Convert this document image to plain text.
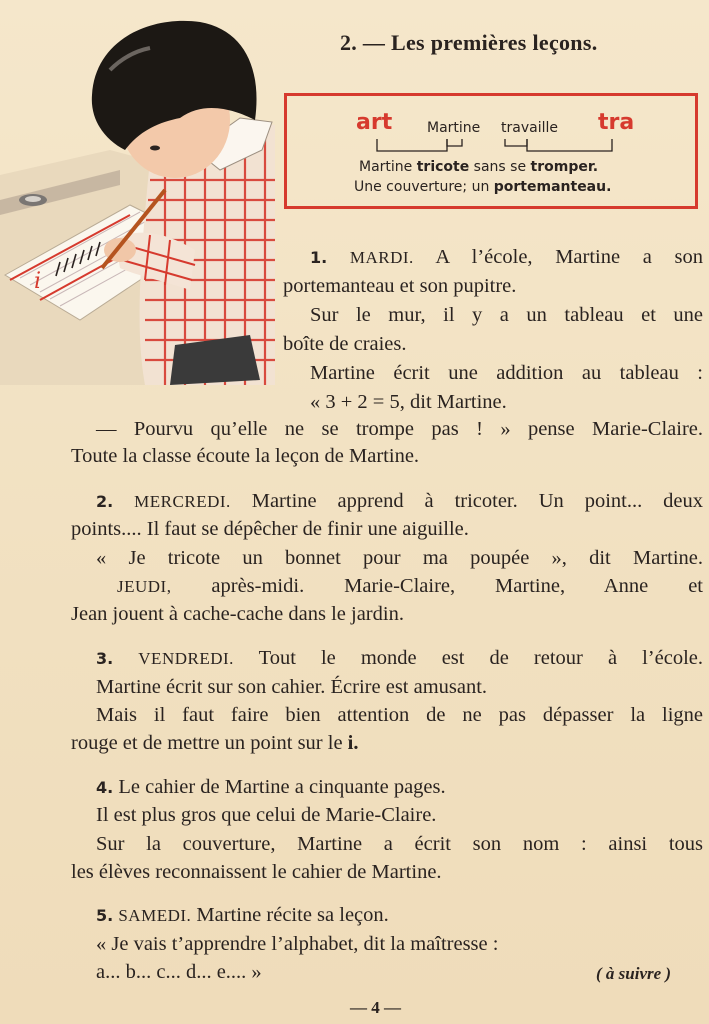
i
2. — Les premières leçons.
art Martine travaille tra
Martine tricote sans se tromper.
Une couverture; un portemanteau.
1. MARDI. A l’école, Martine a son
portemanteau et son pupitre.
Sur le mur, il y a un tableau et une
boîte de craies.
Martine écrit une addition au tableau :
« 3 + 2 = 5, dit Martine.
— Pourvu qu’elle ne se trompe pas ! » pense Marie-Claire.
Toute la classe écoute la leçon de Martine.
2. MERCREDI. Martine apprend à tricoter. Un point... deux
points.... Il faut se dépêcher de finir une aiguille.
« Je tricote un bonnet pour ma poupée », dit Martine.
JEUDI, après-midi. Marie-Claire, Martine, Anne et
Jean jouent à cache-cache dans le jardin.
3. VENDREDI. Tout le monde est de retour à l’école.
Martine écrit sur son cahier. Écrire est amusant.
Mais il faut faire bien attention de ne pas dépasser la ligne
rouge et de mettre un point sur le i.
4. Le cahier de Martine a cinquante pages.
Il est plus gros que celui de Marie-Claire.
Sur la couverture, Martine a écrit son nom : ainsi tous
les élèves reconnaissent le cahier de Martine.
5. SAMEDI. Martine récite sa leçon.
« Je vais t’apprendre l’alphabet, dit la maîtresse :
a... b... c... d... e.... »	( à suivre )
— 4 —
